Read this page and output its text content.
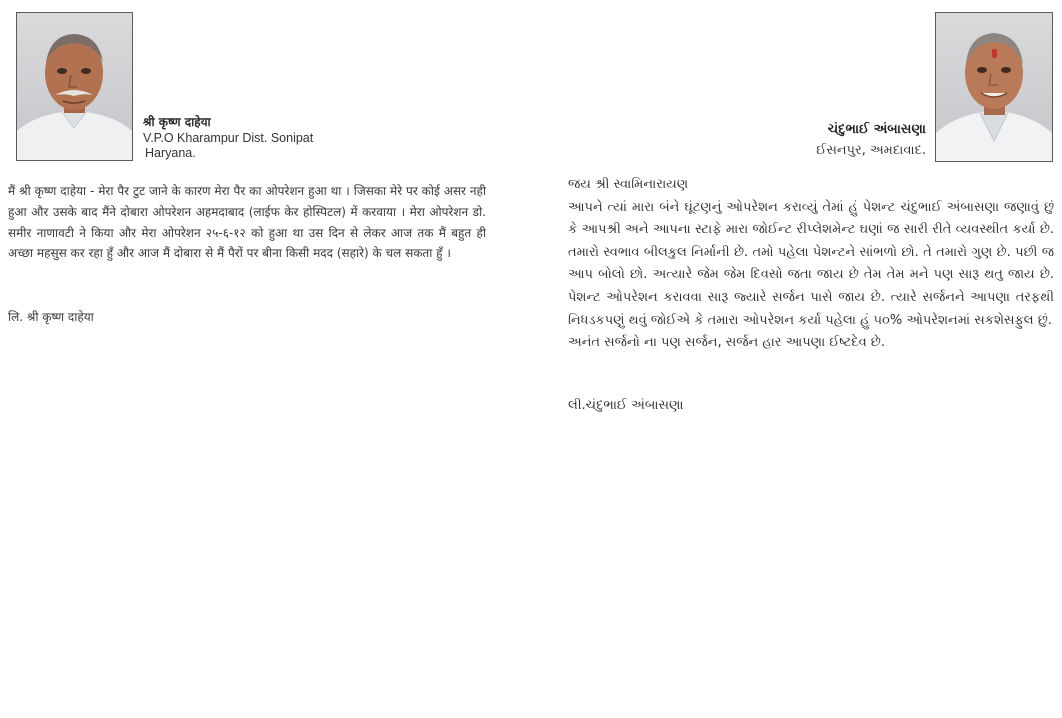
श्री कृष्ण दाहेया
V.P.O Kharampur Dist. Sonipat
Haryana.
ચંદુભાઈ અંબાસણા
ઈસનપુર, અમદાવાદ.

मैं श्री कृष्ण दाहेया - मेरा पैर टुट जाने के कारण मेरा पैर का ओपरेशन हुआ था । जिसका मेरे पर कोई असर नही हुआ और उसके बाद मैंने दोबारा ओपरेशन अहमदाबाद (लाईफ केर होस्पिटल) में करवाया । मेरा ओपरेशन डो. समीर नाणावटी ने किया और मेरा ओपरेशन २५-६-१२ को हुआ था उस दिन से लेकर आज तक मैं बहुत ही अच्छा महसुस कर रहा हुँ और आज मैं दोबारा से मैं पैरों पर बीना किसी मदद (सहारे) के चल सकता हुँ ।

लि. श्री कृष्ण दाहेया

જય શ્રી સ્વામિનારાયણ

આપને ત્યાં મારા બંને ઘૂંટણનું ઓપરેશન કરાવ્યું તેમાં હું પેશન્ટ ચંદુભાઈ અંબાસણા જણાવું છું કે આપશ્રી અને આપના સ્ટાફે મારા જોઈન્ટ રીપ્લેશમેન્ટ ઘણાં જ સારી રીતે વ્યવસ્થીત કર્યા છે. તમારો સ્વભાવ બીલકુલ નિર્માની છે. તમો પહેલા પેશન્ટને સાંભળો છો. તે તમારો ગુણ છે. પછી જ આપ બોલો છો. અત્યારે જેમ જેમ દિવસો જતા જાય છે તેમ તેમ મને પણ સારૂ થતુ જાય છે. પેશન્ટ ઓપરેશન કરાવવા સારૂ જ્યારે સર્જન પાસે જાય છે. ત્યારે સર્જનને આપણા તરફથી નિધડકપણું થવું જોઈએ કે તમારા ઓપરેશન કર્યા પહેલા હું ૫૦% ઓપરેશનમાં સકશેસફુલ છું.

અનંત સર્જનો ના પણ સર્જન, સર્જન હાર આપણા ઈષ્ટદેવ છે.

લી.ચંદુભાઈ અંબાસણા
